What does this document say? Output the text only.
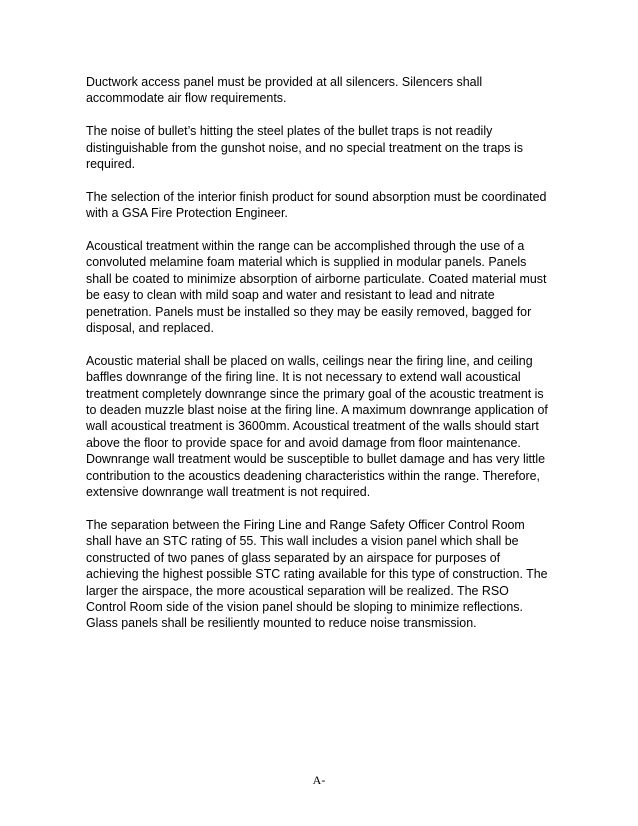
Ductwork access panel must be provided at all silencers. Silencers shall
accommodate air flow requirements.

The noise of bullet’s hitting the steel plates of the bullet traps is not readily
distinguishable from the gunshot noise, and no special treatment on the traps is
required.

The selection of the interior finish product for sound absorption must be coordinated
with a GSA Fire Protection Engineer.

Acoustical treatment within the range can be accomplished through the use of a
convoluted melamine foam material which is supplied in modular panels. Panels
shall be coated to minimize absorption of airborne particulate. Coated material must
be easy to clean with mild soap and water and resistant to lead and nitrate
penetration. Panels must be installed so they may be easily removed, bagged for
disposal, and replaced.

Acoustic material shall be placed on walls, ceilings near the firing line, and ceiling
baffles downrange of the firing line. It is not necessary to extend wall acoustical
treatment completely downrange since the primary goal of the acoustic treatment is
to deaden muzzle blast noise at the firing line. A maximum downrange application of
wall acoustical treatment is 3600mm. Acoustical treatment of the walls should start
above the floor to provide space for and avoid damage from floor maintenance.
Downrange wall treatment would be susceptible to bullet damage and has very little
contribution to the acoustics deadening characteristics within the range. Therefore,
extensive downrange wall treatment is not required.

The separation between the Firing Line and Range Safety Officer Control Room
shall have an STC rating of 55. This wall includes a vision panel which shall be
constructed of two panes of glass separated by an airspace for purposes of
achieving the highest possible STC rating available for this type of construction. The
larger the airspace, the more acoustical separation will be realized. The RSO
Control Room side of the vision panel should be sloping to minimize reflections.
Glass panels shall be resiliently mounted to reduce noise transmission.

A-
